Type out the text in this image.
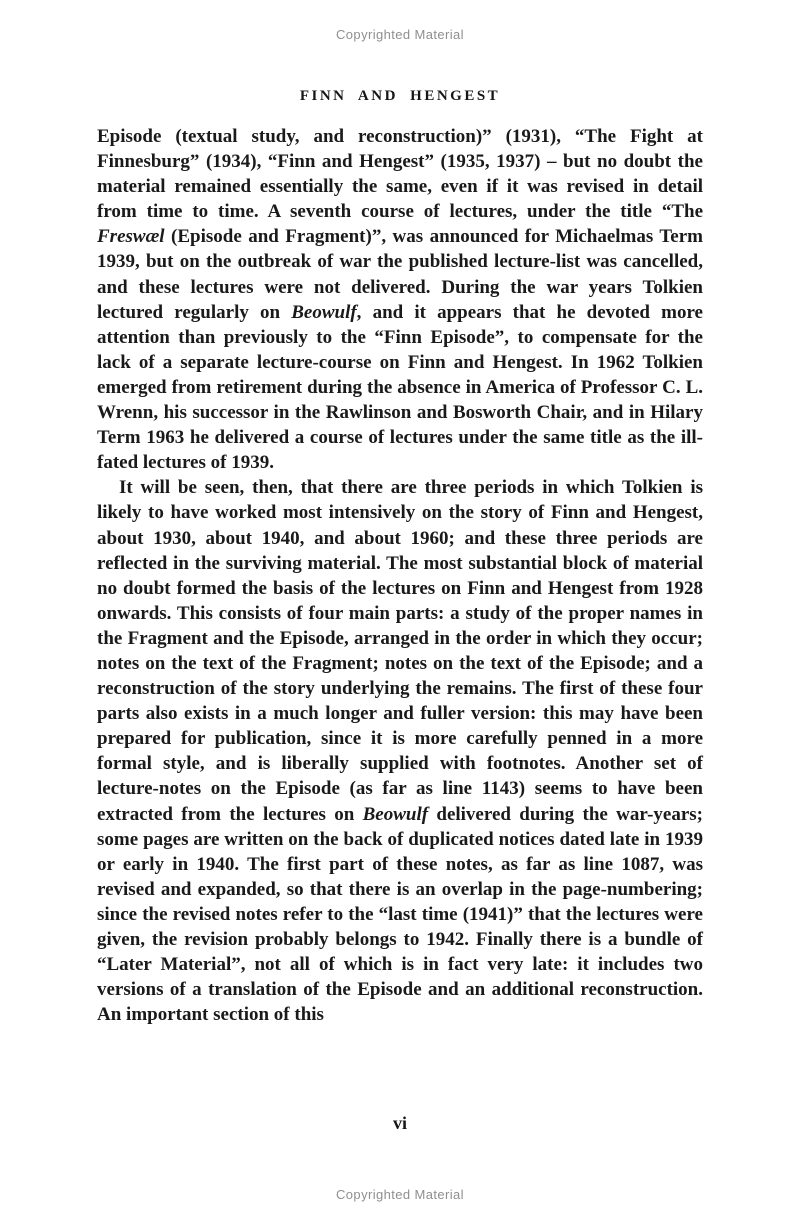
Copyrighted Material
FINN AND HENGEST

Episode (textual study, and reconstruction)” (1931), “The Fight at Finnesburg” (1934), “Finn and Hengest” (1935, 1937) – but no doubt the material remained essentially the same, even if it was revised in detail from time to time. A seventh course of lectures, under the title “The Freswæl (Episode and Fragment)”, was announced for Michaelmas Term 1939, but on the outbreak of war the published lecture-list was cancelled, and these lectures were not delivered. During the war years Tolkien lectured regularly on Beowulf, and it appears that he devoted more attention than previously to the “Finn Episode”, to compensate for the lack of a separate lecture-course on Finn and Hengest. In 1962 Tolkien emerged from retirement during the absence in America of Professor C. L. Wrenn, his successor in the Rawlinson and Bosworth Chair, and in Hilary Term 1963 he delivered a course of lectures under the same title as the ill-fated lectures of 1939.

It will be seen, then, that there are three periods in which Tolkien is likely to have worked most intensively on the story of Finn and Hengest, about 1930, about 1940, and about 1960; and these three periods are reflected in the surviving material. The most substantial block of material no doubt formed the basis of the lectures on Finn and Hengest from 1928 onwards. This consists of four main parts: a study of the proper names in the Fragment and the Episode, arranged in the order in which they occur; notes on the text of the Fragment; notes on the text of the Episode; and a reconstruction of the story underlying the remains. The first of these four parts also exists in a much longer and fuller version: this may have been prepared for publication, since it is more carefully penned in a more formal style, and is liberally supplied with footnotes. Another set of lecture-notes on the Episode (as far as line 1143) seems to have been extracted from the lectures on Beowulf delivered during the war-years; some pages are written on the back of duplicated notices dated late in 1939 or early in 1940. The first part of these notes, as far as line 1087, was revised and expanded, so that there is an overlap in the page-numbering; since the revised notes refer to the “last time (1941)” that the lectures were given, the revision probably belongs to 1942. Finally there is a bundle of “Later Material”, not all of which is in fact very late: it includes two versions of a translation of the Episode and an additional reconstruction. An important section of this

vi
Copyrighted Material
